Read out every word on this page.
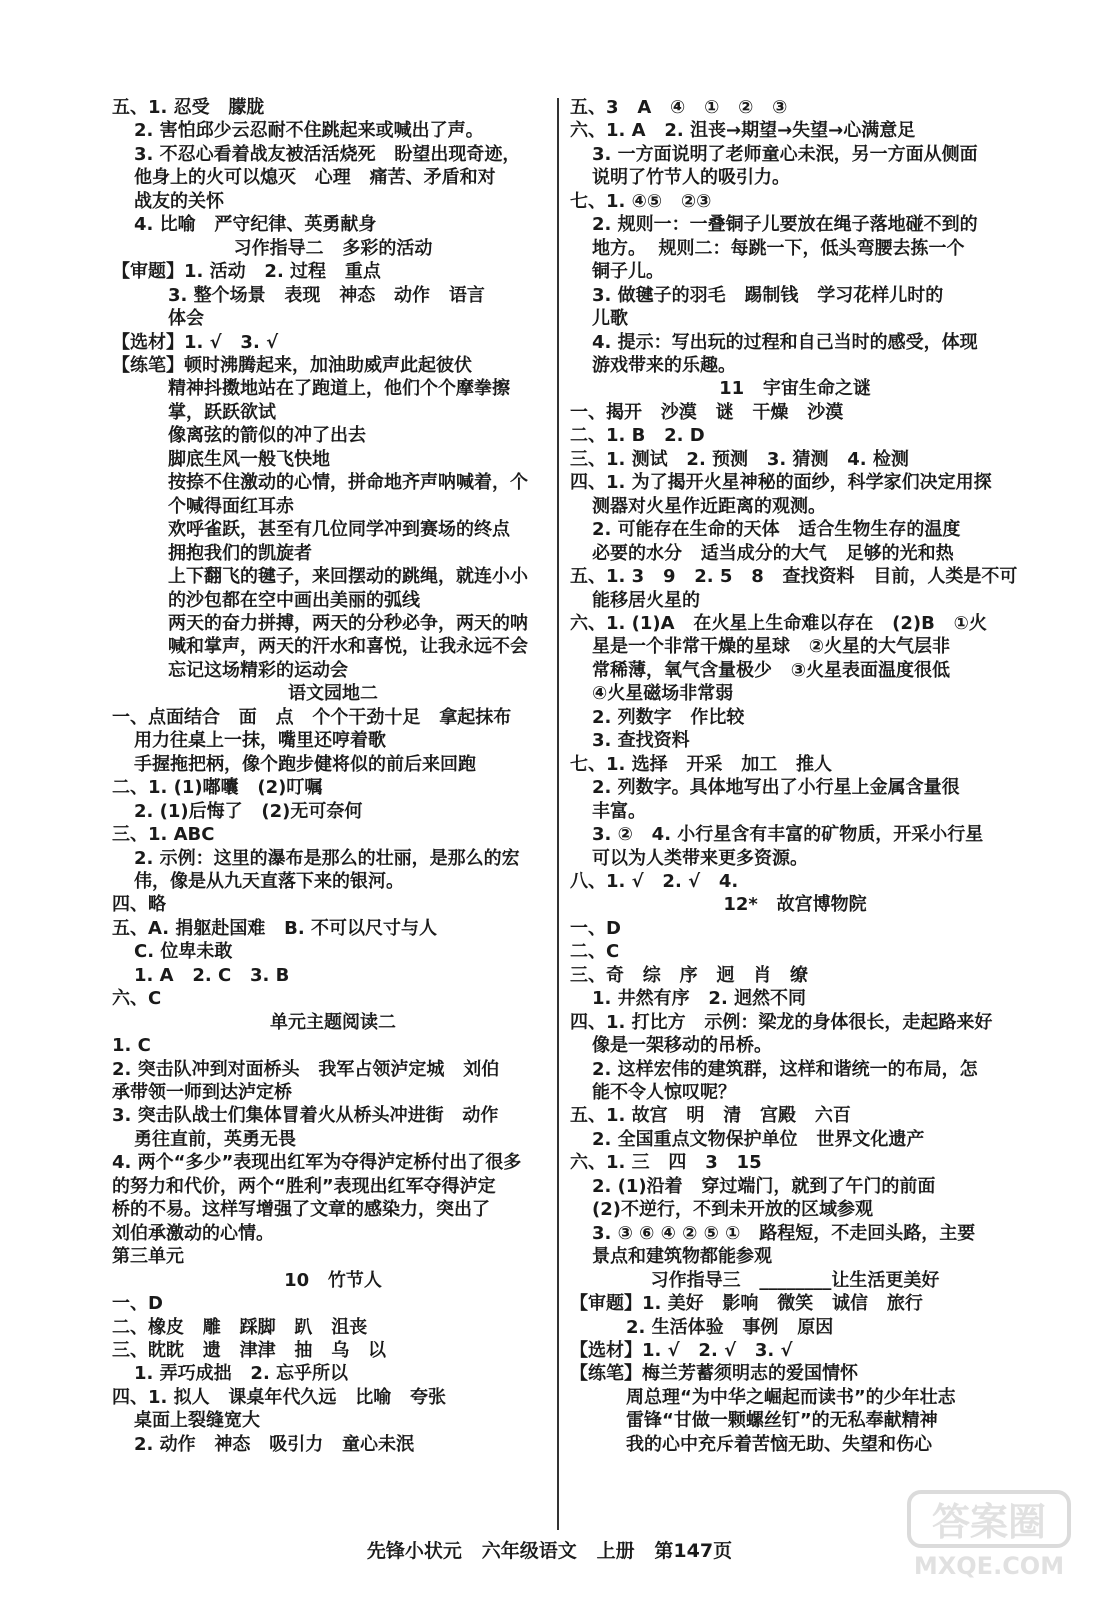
五、1. 忍受   朦胧
2. 害怕邱少云忍耐不住跳起来或喊出了声。
3. 不忍心看着战友被活活烧死   盼望出现奇迹，
他身上的火可以熄灭   心理   痛苦、矛盾和对
战友的关怀
4. 比喻   严守纪律、英勇献身
习作指导二   多彩的活动
【审题】1. 活动   2. 过程   重点
3. 整个场景   表现   神态   动作   语言
体会
【选材】1. √   3. √
【练笔】顿时沸腾起来，加油助威声此起彼伏
精神抖擞地站在了跑道上，他们个个摩拳擦
掌，跃跃欲试
像离弦的箭似的冲了出去
脚底生风一般飞快地
按捺不住激动的心情，拼命地齐声呐喊着，个
个喊得面红耳赤
欢呼雀跃，甚至有几位同学冲到赛场的终点
拥抱我们的凯旋者
上下翻飞的毽子，来回摆动的跳绳，就连小小
的沙包都在空中画出美丽的弧线
两天的奋力拼搏，两天的分秒必争，两天的呐
喊和掌声，两天的汗水和喜悦，让我永远不会
忘记这场精彩的运动会
语文园地二
一、点面结合   面   点   个个干劲十足   拿起抹布
用力往桌上一抹，嘴里还哼着歌
手握拖把柄，像个跑步健将似的前后来回跑
二、1. (1)嘟囔   (2)叮嘱
2. (1)后悔了   (2)无可奈何
三、1. ABC
2. 示例：这里的瀑布是那么的壮丽，是那么的宏
伟，像是从九天直落下来的银河。
四、略
五、A. 捐躯赴国难   B. 不可以尺寸与人
C. 位卑未敢
1. A   2. C   3. B
六、C
单元主题阅读二
1. C
2. 突击队冲到对面桥头   我军占领泸定城   刘伯
承带领一师到达泸定桥
3. 突击队战士们集体冒着火从桥头冲进街   动作
勇往直前，英勇无畏
4. 两个“多少”表现出红军为夺得泸定桥付出了很多
的努力和代价，两个“胜利”表现出红军夺得泸定
桥的不易。这样写增强了文章的感染力，突出了
刘伯承激动的心情。
第三单元
10   竹节人
一、D
二、橡皮   雕   踩脚   趴   沮丧
三、眈眈   遗   津津   抽   乌   以
1. 弄巧成拙   2. 忘乎所以
四、1. 拟人   课桌年代久远   比喻   夸张
桌面上裂缝宽大
2. 动作   神态   吸引力   童心未泯
五、3   A   ④   ①   ②   ③
六、1. A   2. 沮丧→期望→失望→心满意足
3. 一方面说明了老师童心未泯，另一方面从侧面
说明了竹节人的吸引力。
七、1. ④⑤   ②③
2. 规则一：一叠铜子儿要放在绳子落地碰不到的
地方。  规则二：每跳一下，低头弯腰去拣一个
铜子儿。
3. 做毽子的羽毛   踢制钱   学习花样儿时的
儿歌
4. 提示：写出玩的过程和自己当时的感受，体现
游戏带来的乐趣。
11   宇宙生命之谜
一、揭开   沙漠   谜   干燥   沙漠
二、1. B   2. D
三、1. 测试   2. 预测   3. 猜测   4. 检测
四、1. 为了揭开火星神秘的面纱，科学家们决定用探
测器对火星作近距离的观测。
2. 可能存在生命的天体   适合生物生存的温度
必要的水分   适当成分的大气   足够的光和热
五、1. 3   9   2. 5   8   查找资料   目前，人类是不可
能移居火星的
六、1. (1)A   在火星上生命难以存在   (2)B   ①火
星是一个非常干燥的星球   ②火星的大气层非
常稀薄，氧气含量极少   ③火星表面温度很低
④火星磁场非常弱
2. 列数字   作比较
3. 查找资料
七、1. 选择   开采   加工   推人
2. 列数字。具体地写出了小行星上金属含量很
丰富。
3. ②   4. 小行星含有丰富的矿物质，开采小行星
可以为人类带来更多资源。
八、1. √   2. √   4.
12*   故宫博物院
一、D
二、C
三、奇   综   序   迥   肖   缭
1. 井然有序   2. 迥然不同
四、1. 打比方   示例：梁龙的身体很长，走起路来好
像是一架移动的吊桥。
2. 这样宏伟的建筑群，这样和谐统一的布局，怎
能不令人惊叹呢？
五、1. 故宫   明   清   宫殿   六百
2. 全国重点文物保护单位   世界文化遗产
六、1. 三   四   3   15
2. (1)沿着   穿过端门，就到了午门的前面
(2)不逆行，不到未开放的区域参观
3. ③ ⑥ ④ ② ⑤ ①   路程短，不走回头路，主要
景点和建筑物都能参观
习作指导三   ________让生活更美好
【审题】1. 美好   影响   微笑   诚信   旅行
2. 生活体验   事例   原因
【选材】1. √   2. √   3. √
【练笔】梅兰芳蓄须明志的爱国情怀
周总理“为中华之崛起而读书”的少年壮志
雷锋“甘做一颗螺丝钉”的无私奉献精神
我的心中充斥着苦恼无助、失望和伤心
先锋小状元   六年级语文   上册   第147页
答案圈
MXQE.COM
